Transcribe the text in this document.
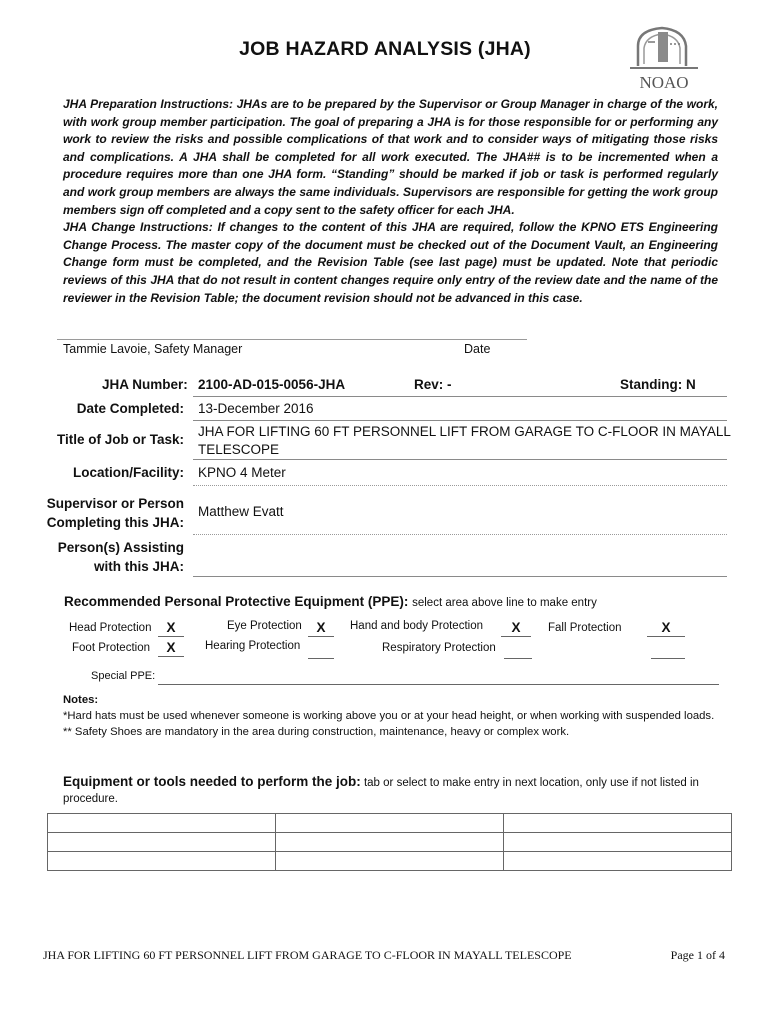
JOB HAZARD ANALYSIS (JHA)
NOAO

JHA Preparation Instructions: JHAs are to be prepared by the Supervisor or Group Manager in charge of the work, with work group member participation. The goal of preparing a JHA is for those responsible for or performing any work to review the risks and possible complications of that work and to consider ways of mitigating those risks and complications. A JHA shall be completed for all work executed. The JHA## is to be incremented when a procedure requires more than one JHA form. “Standing” should be marked if job or task is performed regularly and work group members are always the same individuals. Supervisors are responsible for getting the work group members sign off completed and a copy sent to the safety officer for each JHA.

JHA Change Instructions: If changes to the content of this JHA are required, follow the KPNO ETS Engineering Change Process. The master copy of the document must be checked out of the Document Vault, an Engineering Change form must be completed, and the Revision Table (see last page) must be updated. Note that periodic reviews of this JHA that do not result in content changes require only entry of the review date and the name of the reviewer in the Revision Table; the document revision should not be advanced in this case.

Tammie Lavoie, Safety Manager	Date
JHA Number: 2100-AD-015-0056-JHA	Rev: -	Standing: N
Date Completed: 13-December 2016
Title of Job or Task:
JHA FOR LIFTING 60 FT PERSONNEL LIFT FROM GARAGE TO C-FLOOR IN MAYALL
TELESCOPE
Location/Facility: KPNO 4 Meter
Supervisor or Person
Completing this JHA:
Matthew Evatt
Person(s) Assisting
with this JHA:
Recommended Personal Protective Equipment (PPE): select area above line to make entry
Head Protection	X	Eye Protection	X	Hand and body Protection	X	Fall Protection	X
Foot Protection	X	Hearing Protection	Respiratory Protection
Special PPE:

Notes:

*Hard hats must be used whenever someone is working above you or at your head height, or when working with suspended loads.

** Safety Shoes are mandatory in the area during construction, maintenance, heavy or complex work.

Equipment or tools needed to perform the job: tab or select to make entry in next location, only use if not listed in procedure.

JHA FOR LIFTING 60 FT PERSONNEL LIFT FROM GARAGE TO C-FLOOR IN MAYALL TELESCOPE	Page 1 of 4
